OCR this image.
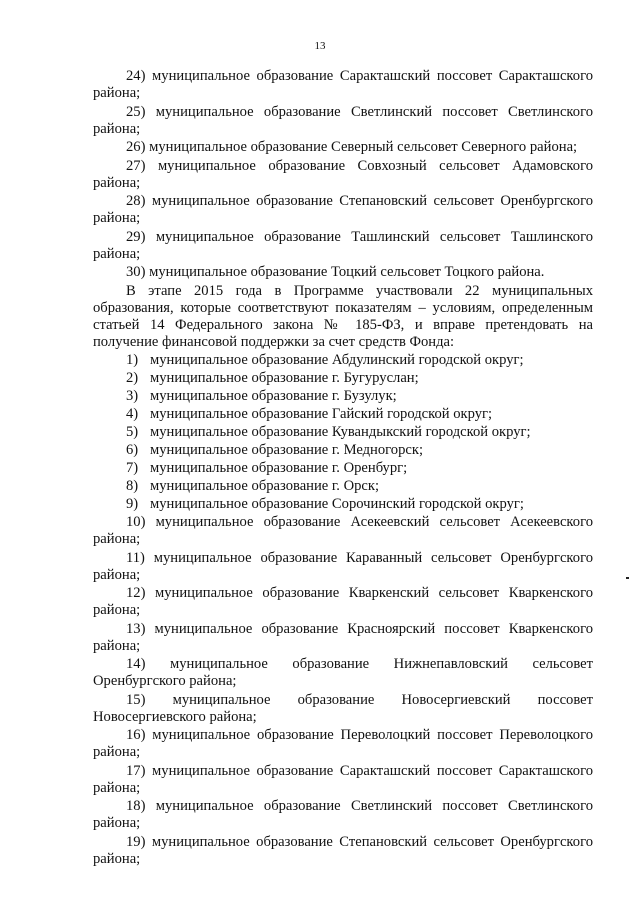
13
24) муниципальное образование Саракташский поссовет Саракташского района;
25) муниципальное образование Светлинский поссовет Светлинского района;
26) муниципальное образование Северный сельсовет Северного района;
27) муниципальное образование Совхозный сельсовет Адамовского района;
28) муниципальное образование Степановский сельсовет Оренбургского района;
29) муниципальное образование Ташлинский сельсовет Ташлинского района;
30) муниципальное образование Тоцкий сельсовет Тоцкого района.
В этапе 2015 года в Программе участвовали 22 муниципальных образования, которые соответствуют показателям – условиям, определенным статьей 14 Федерального закона № 185-ФЗ, и вправе претендовать на получение финансовой поддержки за счет средств Фонда:
1) муниципальное образование Абдулинский городской округ;
2) муниципальное образование г. Бугуруслан;
3) муниципальное образование г. Бузулук;
4) муниципальное образование Гайский городской округ;
5) муниципальное образование Кувандыкский городской округ;
6) муниципальное образование г. Медногорск;
7) муниципальное образование г. Оренбург;
8) муниципальное образование г. Орск;
9) муниципальное образование Сорочинский городской округ;
10) муниципальное образование Асекеевский сельсовет Асекеевского района;
11) муниципальное образование Караванный сельсовет Оренбургского района;
12) муниципальное образование Кваркенский сельсовет Кваркенского района;
13) муниципальное образование Красноярский поссовет Кваркенского района;
14) муниципальное образование Нижнепавловский сельсовет Оренбургского района;
15) муниципальное образование Новосергиевский поссовет Новосергиевского района;
16) муниципальное образование Переволоцкий поссовет Переволоцкого района;
17) муниципальное образование Саракташский поссовет Саракташского района;
18) муниципальное образование Светлинский поссовет Светлинского района;
19) муниципальное образование Степановский сельсовет Оренбургского района;
